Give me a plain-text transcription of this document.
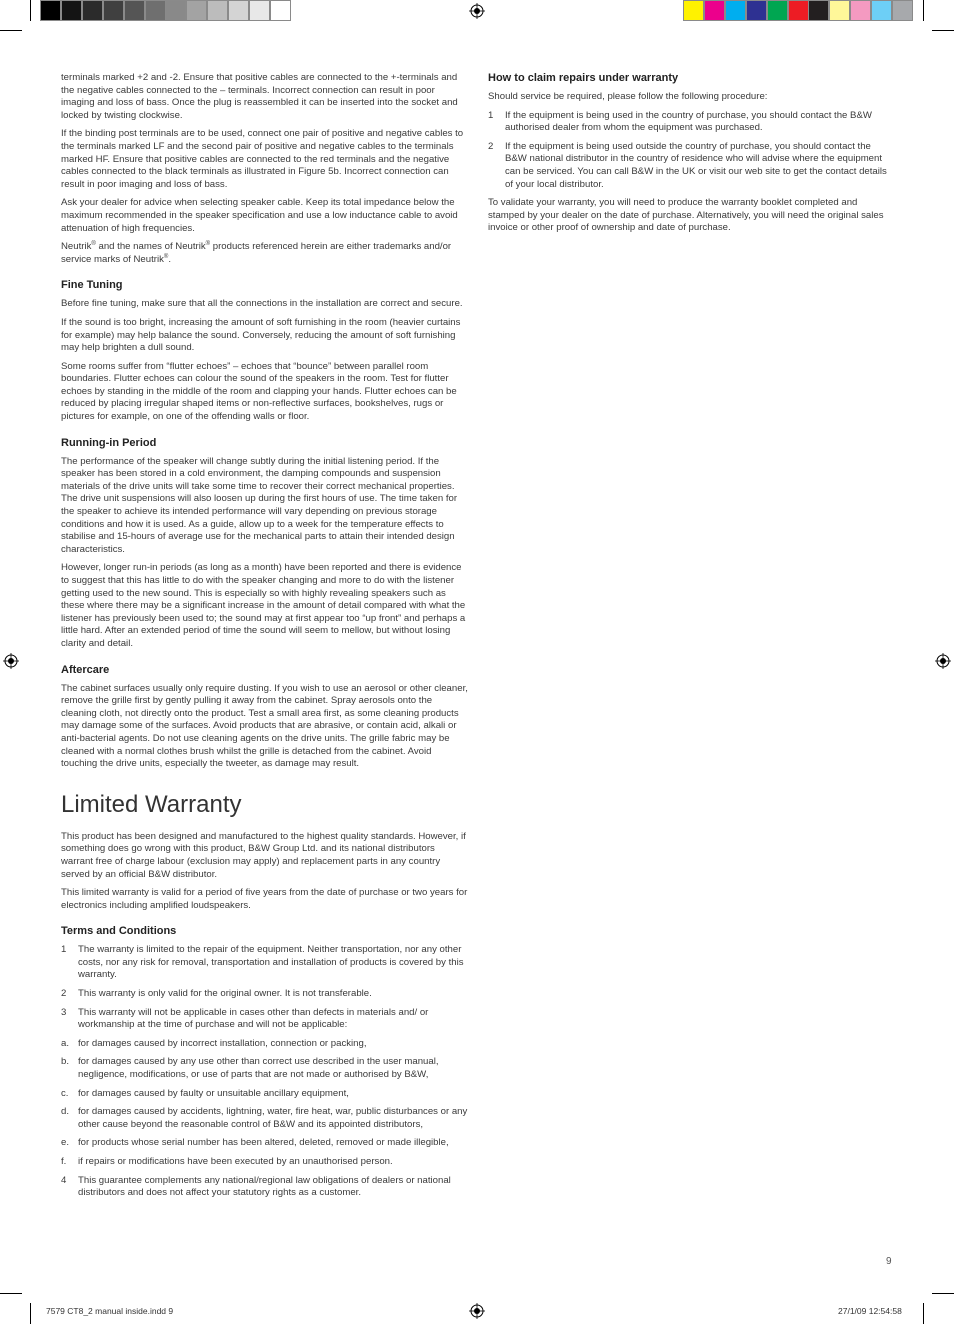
terminals marked +2 and -2. Ensure that positive cables are connected to the +-terminals and the negative cables connected to the – terminals. Incorrect connection can result in poor imaging and loss of bass. Once the plug is reassembled it can be inserted into the socket and locked by twisting clockwise.

If the binding post terminals are to be used, connect one pair of positive and negative cables to the terminals marked LF and the second pair of positive and negative cables to the terminals marked HF. Ensure that positive cables are connected to the red terminals and the negative cables connected to the black terminals as illustrated in Figure 5b. Incorrect connection can result in poor imaging and loss of bass.

Ask your dealer for advice when selecting speaker cable. Keep its total impedance below the maximum recommended in the speaker specification and use a low inductance cable to avoid attenuation of high frequencies.

Neutrik® and the names of Neutrik® products referenced herein are either trademarks and/or service marks of Neutrik®.

Fine Tuning

Before fine tuning, make sure that all the connections in the installation are correct and secure.

If the sound is too bright, increasing the amount of soft furnishing in the room (heavier curtains for example) may help balance the sound. Conversely, reducing the amount of soft furnishing may help brighten a dull sound.

Some rooms suffer from “flutter echoes” – echoes that “bounce” between parallel room boundaries. Flutter echoes can colour the sound of the speakers in the room. Test for flutter echoes by standing in the middle of the room and clapping your hands. Flutter echoes can be reduced by placing irregular shaped items or non-reflective surfaces, bookshelves, rugs or pictures for example, on one of the offending walls or floor.

Running-in Period

The performance of the speaker will change subtly during the initial listening period. If the speaker has been stored in a cold environment, the damping compounds and suspension materials of the drive units will take some time to recover their correct mechanical properties. The drive unit suspensions will also loosen up during the first hours of use. The time taken for the speaker to achieve its intended performance will vary depending on previous storage conditions and how it is used. As a guide, allow up to a week for the temperature effects to stabilise and 15-hours of average use for the mechanical parts to attain their intended design characteristics.

However, longer run-in periods (as long as a month) have been reported and there is evidence to suggest that this has little to do with the speaker changing and more to do with the listener getting used to the new sound. This is especially so with highly revealing speakers such as these where there may be a significant increase in the amount of detail compared with what the listener has previously been used to; the sound may at first appear too “up front” and perhaps a little hard. After an extended period of time the sound will seem to mellow, but without losing clarity and detail.

Aftercare

The cabinet surfaces usually only require dusting. If you wish to use an aerosol or other cleaner, remove the grille first by gently pulling it away from the cabinet. Spray aerosols onto the cleaning cloth, not directly onto the product. Test a small area first, as some cleaning products may damage some of the surfaces. Avoid products that are abrasive, or contain acid, alkali or anti-bacterial agents. Do not use cleaning agents on the drive units. The grille fabric may be cleaned with a normal clothes brush whilst the grille is detached from the cabinet. Avoid touching the drive units, especially the tweeter, as damage may result.

Limited Warranty

This product has been designed and manufactured to the highest quality standards. However, if something does go wrong with this product, B&W Group Ltd. and its national distributors warrant free of charge labour (exclusion may apply) and replacement parts in any country served by an official B&W distributor.

This limited warranty is valid for a period of five years from the date of purchase or two years for electronics including amplified loudspeakers.

Terms and Conditions
1 The warranty is limited to the repair of the equipment. Neither transportation, nor any other costs, nor any risk for removal, transportation and installation of products is covered by this warranty.
2 This warranty is only valid for the original owner. It is not transferable.
3 This warranty will not be applicable in cases other than defects in materials and/ or workmanship at the time of purchase and will not be applicable:
a. for damages caused by incorrect installation, connection or packing,
b. for damages caused by any use other than correct use described in the user manual, negligence, modifications, or use of parts that are not made or authorised by B&W,
c. for damages caused by faulty or unsuitable ancillary equipment,
d. for damages caused by accidents, lightning, water, fire heat, war, public disturbances or any other cause beyond the reasonable control of B&W and its appointed distributors,
e. for products whose serial number has been altered, deleted, removed or made illegible,
f. if repairs or modifications have been executed by an unauthorised person.
4 This guarantee complements any national/regional law obligations of dealers or national distributors and does not affect your statutory rights as a customer.
How to claim repairs under warranty

Should service be required, please follow the following procedure:

1 If the equipment is being used in the country of purchase, you should contact the B&W authorised dealer from whom the equipment was purchased.
2 If the equipment is being used outside the country of purchase, you should contact the B&W national distributor in the country of residence who will advise where the equipment can be serviced. You can call B&W in the UK or visit our web site to get the contact details of your local distributor.

To validate your warranty, you will need to produce the warranty booklet completed and stamped by your dealer on the date of purchase. Alternatively, you will need the original sales invoice or other proof of ownership and date of purchase.

9
7579 CT8_2 manual inside.indd 9	27/1/09 12:54:58
